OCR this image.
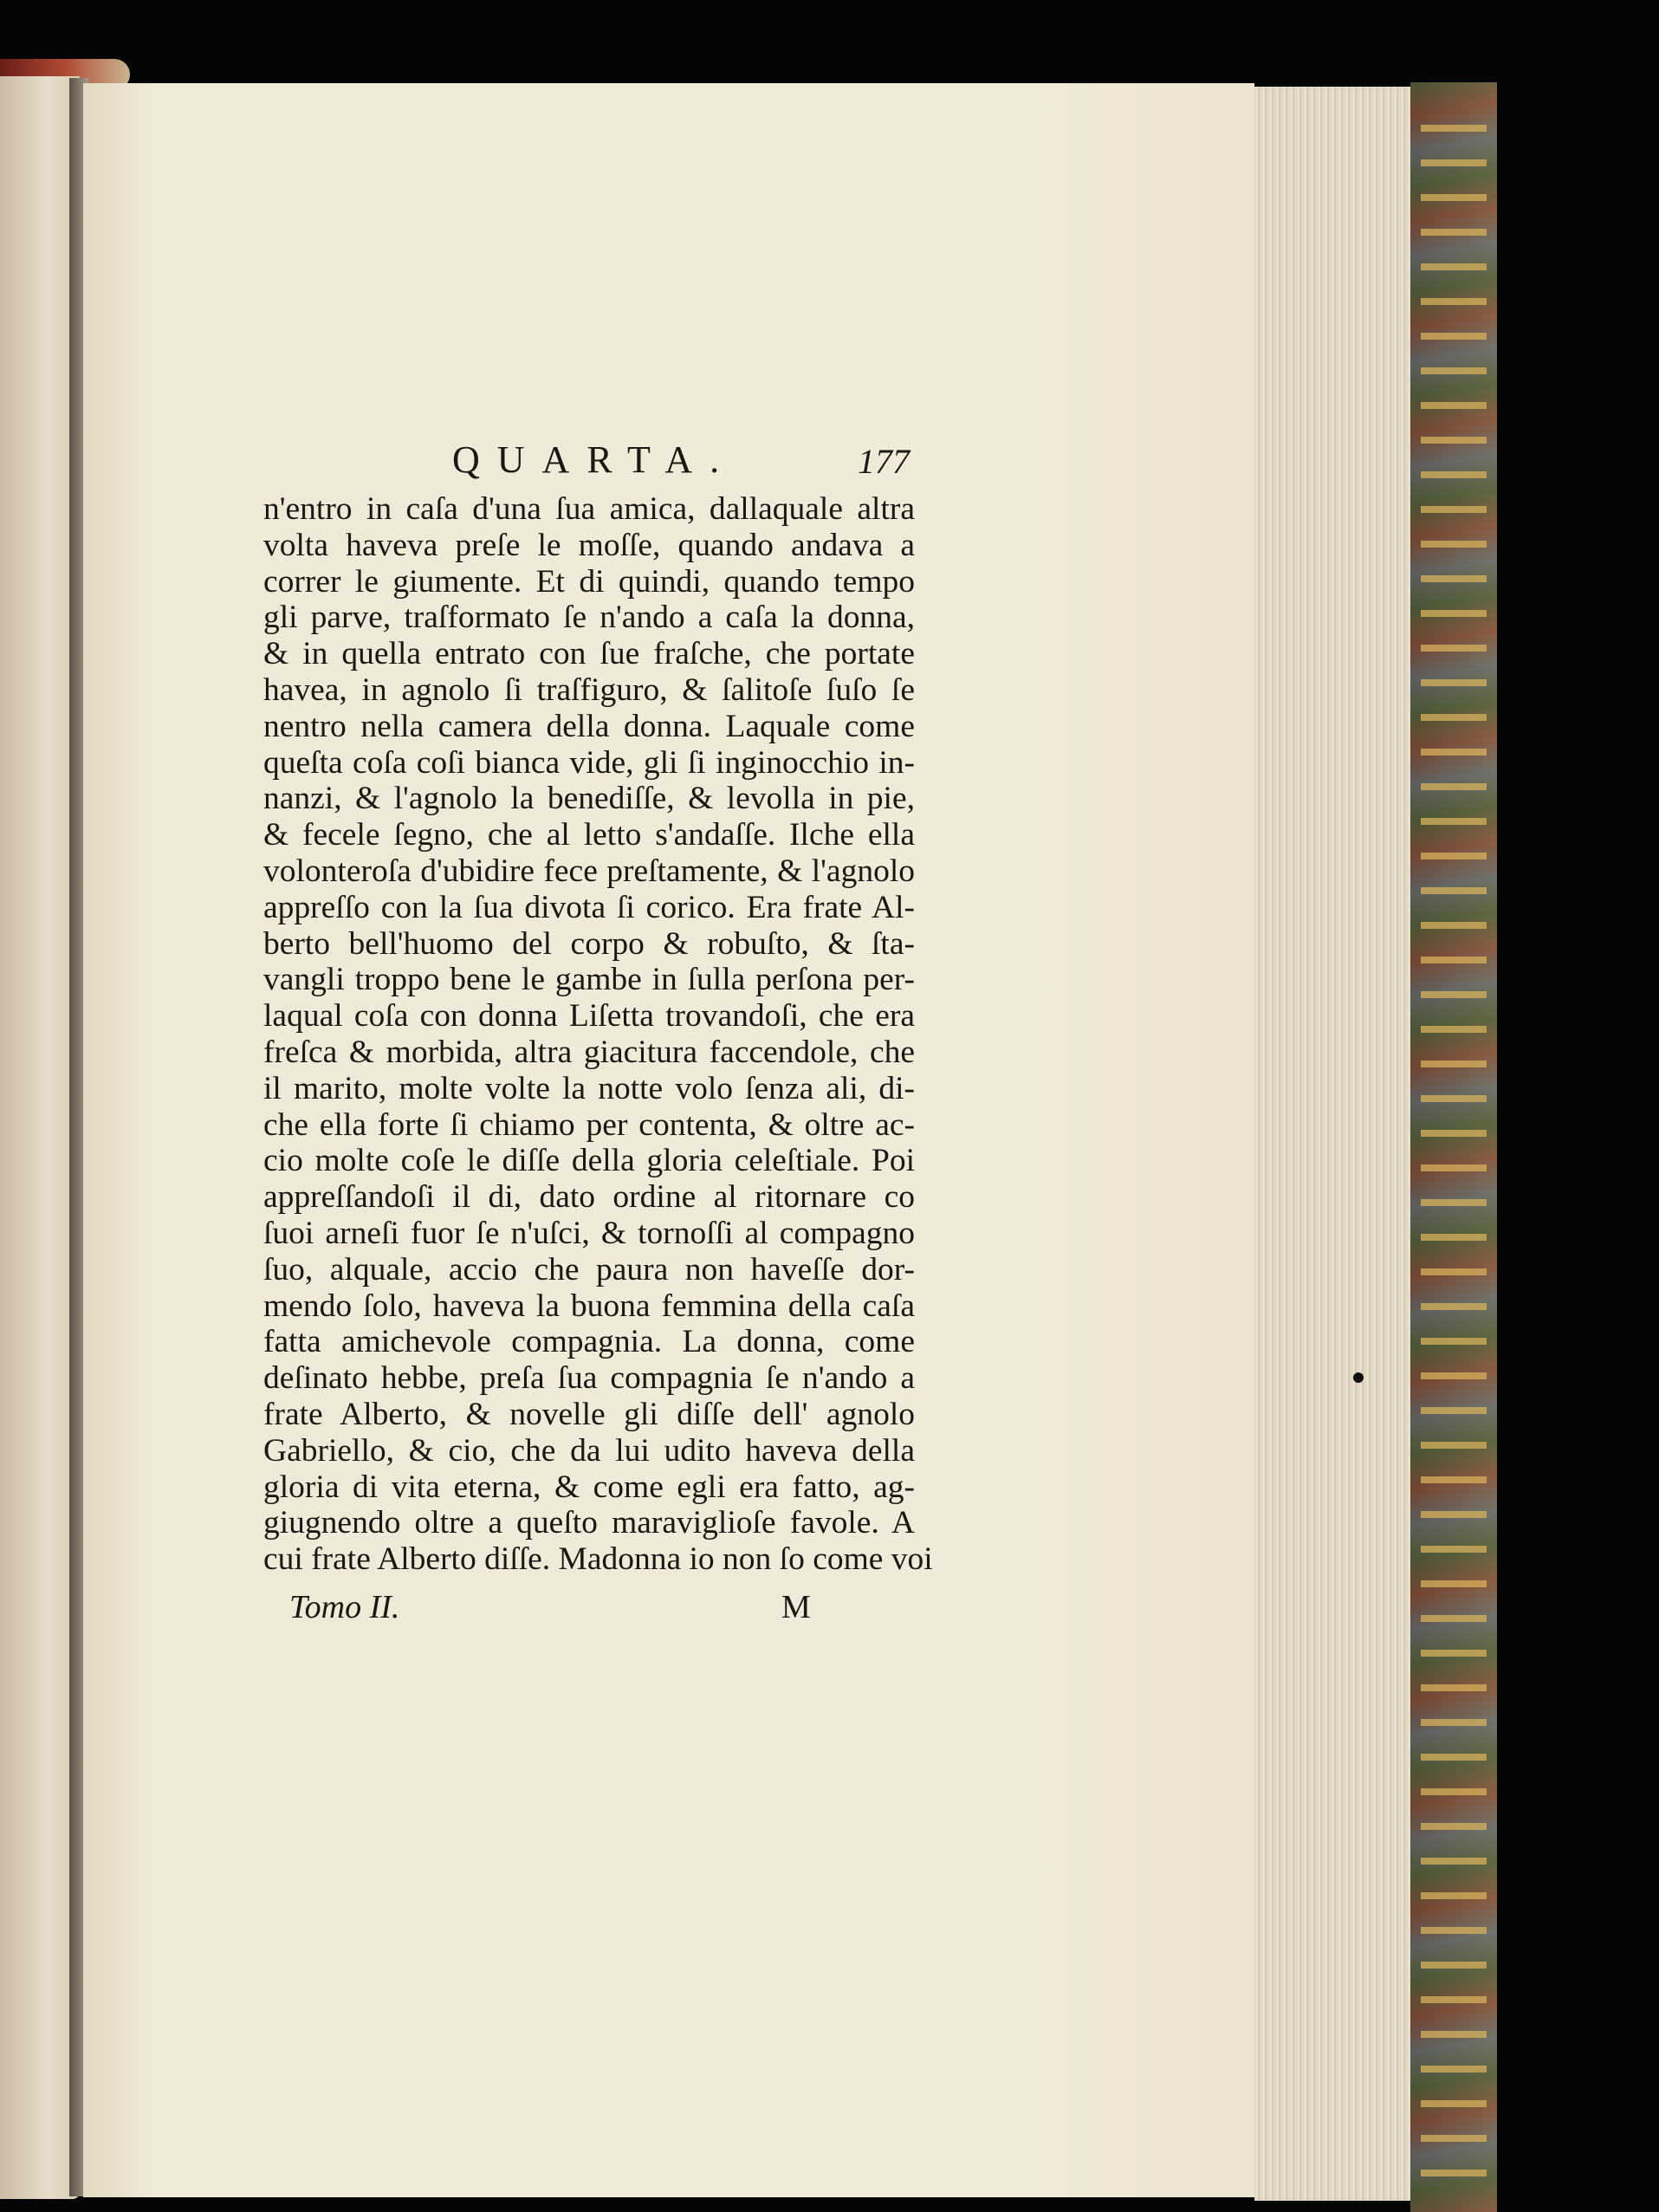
QUARTA.	177
n'entro in caſa d'una ſua amica, dallaquale altra
volta haveva preſe le moſſe, quando andava a
correr le giumente. Et di quindi, quando tempo
gli parve, traſformato ſe n'ando a caſa la donna,
& in quella entrato con ſue fraſche, che portate
havea, in agnolo ſi traſfiguro, & ſalitoſe ſuſo ſe
nentro nella camera della donna. Laquale come
queſta coſa coſi bianca vide, gli ſi inginocchio in-
nanzi, & l'agnolo la benediſſe, & levolla in pie,
& fecele ſegno, che al letto s'andaſſe. Ilche ella
volonteroſa d'ubidire fece preſtamente, & l'agnolo
appreſſo con la ſua divota ſi corico. Era frate Al-
berto bell'huomo del corpo & robuſto, & ſta-
vangli troppo bene le gambe in ſulla perſona per-
laqual coſa con donna Liſetta trovandoſi, che era
freſca & morbida, altra giacitura faccendole, che
il marito, molte volte la notte volo ſenza ali, di-
che ella forte ſi chiamo per contenta, & oltre ac-
cio molte coſe le diſſe della gloria celeſtiale. Poi
appreſſandoſi il di, dato ordine al ritornare co
ſuoi arneſi fuor ſe n'uſci, & tornoſſi al compagno
ſuo, alquale, accio che paura non haveſſe dor-
mendo ſolo, haveva la buona femmina della caſa
fatta amichevole compagnia. La donna, come
deſinato hebbe, preſa ſua compagnia ſe n'ando a
frate Alberto, & novelle gli diſſe dell' agnolo
Gabriello, & cio, che da lui udito haveva della
gloria di vita eterna, & come egli era fatto, ag-
giugnendo oltre a queſto maraviglioſe favole. A
cui frate Alberto diſſe. Madonna io non ſo come voi
Tomo II.	M
